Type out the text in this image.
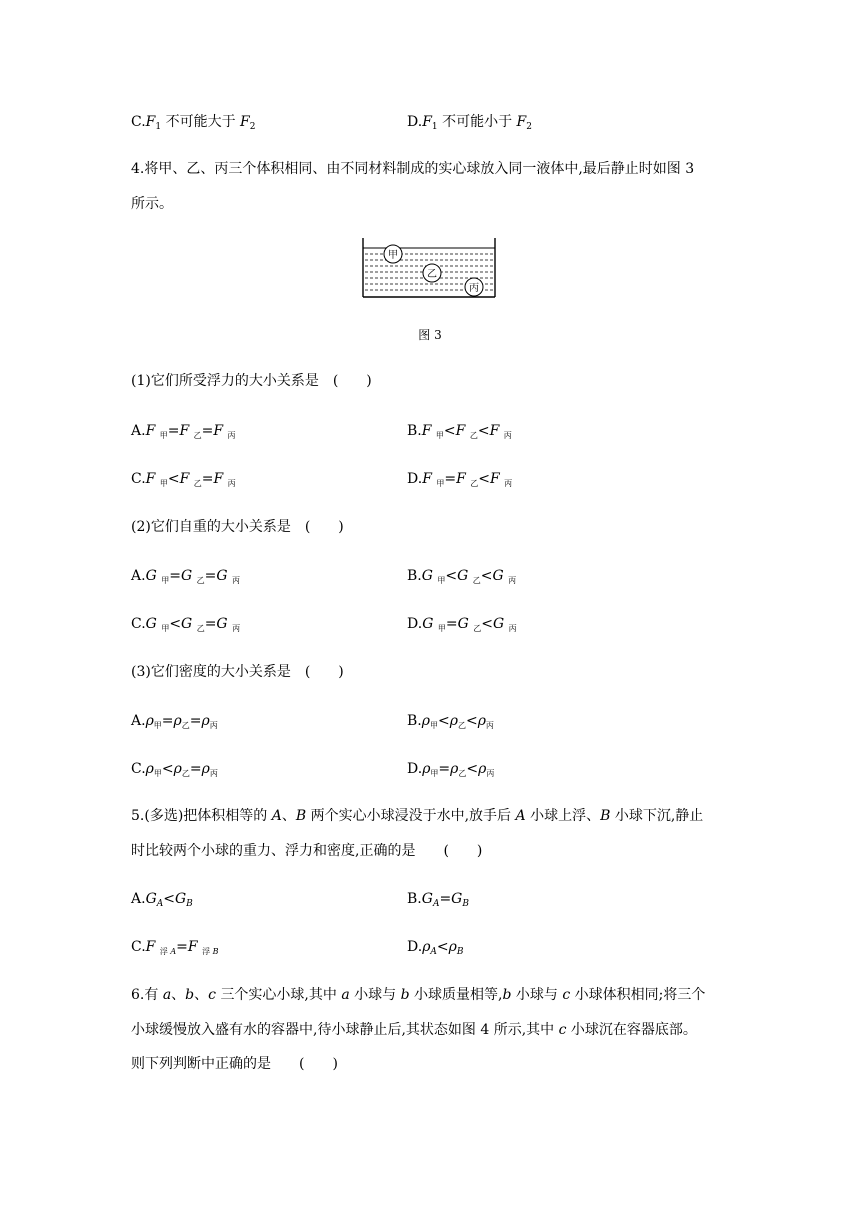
$C.F_1$ 不可能大于 $F_2$	$D.F_1$ 不可能小于 $F_2$
4.将甲、乙、丙三个体积相同、由不同材料制成的实心球放入同一液体中,最后静止时如图 3
所示。
甲
乙
丙
图 3
(1)它们所受浮力的大小关系是　(　　)
A.F $_甲$=F $_乙$=F $_丙$	B.F $_甲$<F $_乙$<F $_丙$
C.F $_甲$<F $_乙$=F $_丙$	D.F $_甲$=F $_乙$<F $_丙$
(2)它们自重的大小关系是　(　　)
A.G $_甲$=G $_乙$=G $_丙$	B.G $_甲$<G $_乙$<G $_丙$
C.G $_甲$<G $_乙$=G $_丙$	D.G $_甲$=G $_乙$<G $_丙$
(3)它们密度的大小关系是　(　　)
$A.\rho_甲=\rho_乙=\rho_丙$	$B.\rho_甲<\rho_乙<\rho_丙$
$C.\rho_甲<\rho_乙=\rho_丙$	$D.\rho_甲=\rho_乙<\rho_丙$
5.(多选)把体积相等的 A、B 两个实心小球浸没于水中,放手后 A 小球上浮、B 小球下沉,静止
时比较两个小球的重力、浮力和密度,正确的是　　(　　)
$A.G_A<G_B$	$B.G_A=G_B$
C.F $_{浮 A}$=F $_{浮 B}$	$D.\rho_A<\rho_B$
6.有 a、b、c 三个实心小球,其中 a 小球与 b 小球质量相等,b 小球与 c 小球体积相同;将三个
小球缓慢放入盛有水的容器中,待小球静止后,其状态如图 4 所示,其中 c 小球沉在容器底部。
则下列判断中正确的是　　(　　)
